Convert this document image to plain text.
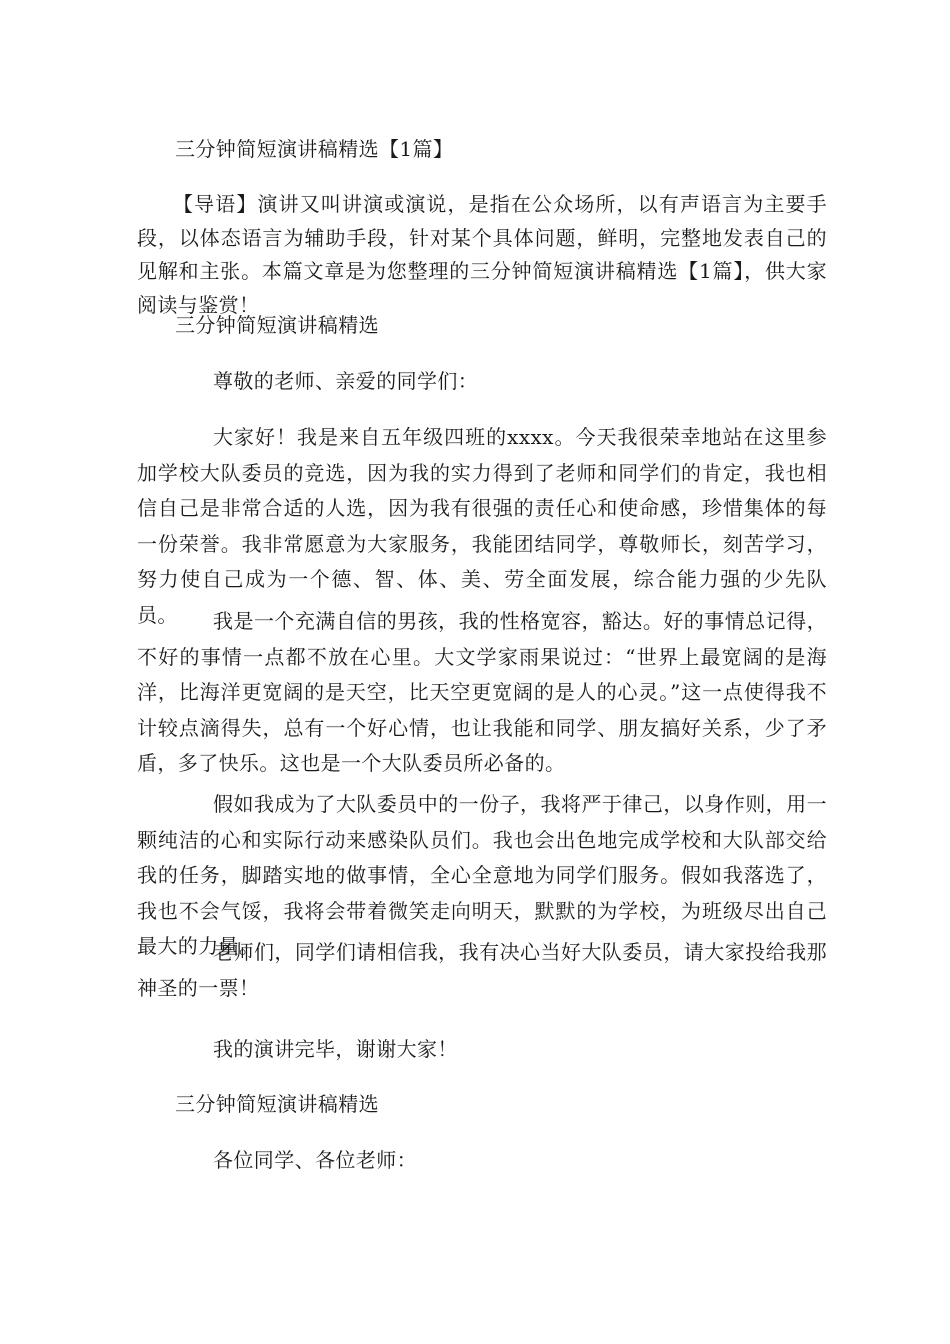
三分钟简短演讲稿精选【1篇】
【导语】演讲又叫讲演或演说，是指在公众场所，以有声语言为主要手段，以体态语言为辅助手段，针对某个具体问题，鲜明，完整地发表自己的见解和主张。本篇文章是为您整理的三分钟简短演讲稿精选【1篇】，供大家阅读与鉴赏！
三分钟简短演讲稿精选
尊敬的老师、亲爱的同学们：
大家好！我是来自五年级四班的xxxx。今天我很荣幸地站在这里参加学校大队委员的竞选，因为我的实力得到了老师和同学们的肯定，我也相信自己是非常合适的人选，因为我有很强的责任心和使命感，珍惜集体的每一份荣誉。我非常愿意为大家服务，我能团结同学，尊敬师长，刻苦学习，努力使自己成为一个德、智、体、美、劳全面发展，综合能力强的少先队员。	我是一个充满自信的男孩，我的性格宽容，豁达。好的事情总记得，不好的事情一点都不放在心里。大文学家雨果说过：“世界上最宽阔的是海洋，比海洋更宽阔的是天空，比天空更宽阔的是人的心灵。”这一点使得我不计较点滴得失，总有一个好心情，也让我能和同学、朋友搞好关系，少了矛盾，多了快乐。这也是一个大队委员所必备的。
假如我成为了大队委员中的一份子，我将严于律己，以身作则，用一颗纯洁的心和实际行动来感染队员们。我也会出色地完成学校和大队部交给我的任务，脚踏实地的做事情，全心全意地为同学们服务。假如我落选了，我也不会气馁，我将会带着微笑走向明天，默默的为学校，为班级尽出自己最大的力量。
老师们，同学们请相信我，我有决心当好大队委员，请大家投给我那神圣的一票！
我的演讲完毕，谢谢大家！
三分钟简短演讲稿精选
各位同学、各位老师：
